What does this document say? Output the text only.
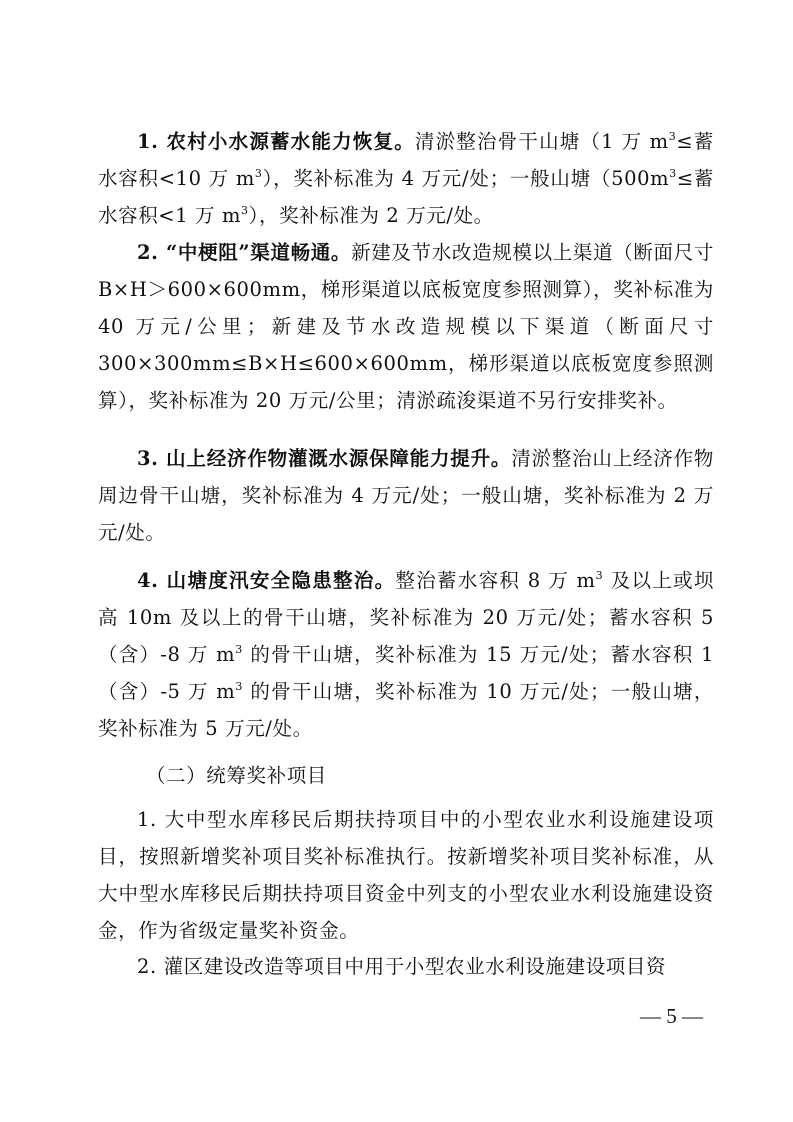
1. 农村小水源蓄水能力恢复。清淤整治骨干山塘（1 万 $m^3\le$蓄水容积<10 万 $m^3$），奖补标准为 4 万元/处；一般山塘（$500m^3\le$蓄水容积<1 万 $m^3$），奖补标准为 2 万元/处。

2. “中梗阻”渠道畅通。新建及节水改造规模以上渠道（断面尺寸 B×H＞600×600mm，梯形渠道以底板宽度参照测算），奖补标准为 40 万元/公里；新建及节水改造规模以下渠道（断面尺寸 300×300mm≤B×H≤600×600mm，梯形渠道以底板宽度参照测算），奖补标准为 20 万元/公里；清淤疏浚渠道不另行安排奖补。

3. 山上经济作物灌溉水源保障能力提升。清淤整治山上经济作物周边骨干山塘，奖补标准为 4 万元/处；一般山塘，奖补标准为 2 万元/处。

4. 山塘度汛安全隐患整治。整治蓄水容积 8 万 $m^3$ 及以上或坝高 10m 及以上的骨干山塘，奖补标准为 20 万元/处；蓄水容积 5（含）-8 万 $m^3$ 的骨干山塘，奖补标准为 15 万元/处；蓄水容积 1（含）-5 万 $m^3$ 的骨干山塘，奖补标准为 10 万元/处；一般山塘，奖补标准为 5 万元/处。

（二）统筹奖补项目

1. 大中型水库移民后期扶持项目中的小型农业水利设施建设项目，按照新增奖补项目奖补标准执行。按新增奖补项目奖补标准，从大中型水库移民后期扶持项目资金中列支的小型农业水利设施建设资金，作为省级定量奖补资金。

2. 灌区建设改造等项目中用于小型农业水利设施建设项目资

— 5 —
